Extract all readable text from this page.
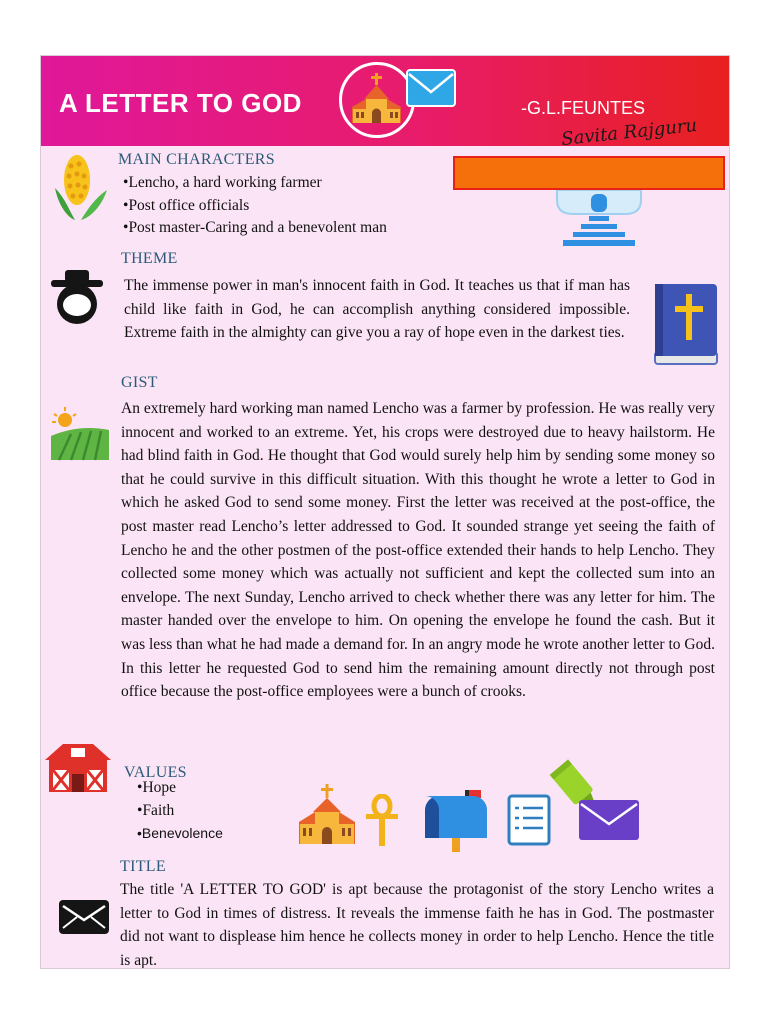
A LETTER TO GOD	-G.L.FEUNTES
Savita Rajguru
MAIN CHARACTERS
• Lencho, a hard working farmer
• Post office officials
• Post master-Caring and a benevolent man
THEME

The immense power in man's innocent faith in God. It teaches us that if man has child like faith in God, he can accomplish anything considered impossible. Extreme faith in the almighty can give you a ray of hope even in the darkest ties.

GIST

An extremely hard working man named Lencho was a farmer by profession. He was really very innocent and worked to an extreme. Yet, his crops were destroyed due to heavy hailstorm. He had blind faith in God. He thought that God would surely help him by sending some money so that he could survive in this difficult situation. With this thought he wrote a letter to God in which he asked God to send some money. First the letter was received at the post-office, the post master read Lencho’s letter addressed to God. It sounded strange yet seeing the faith of Lencho he and the other postmen of the post-office extended their hands to help Lencho. They collected some money which was actually not sufficient and kept the collected sum into an envelope. The next Sunday, Lencho arrived to check whether there was any letter for him. The master handed over the envelope to him. On opening the envelope he found the cash. But it was less than what he had made a demand for. In an angry mode he wrote another letter to God. In this letter he requested God to send him the remaining amount directly not through post office because the post-office employees were a bunch of crooks.

VALUES
• Hope
• Faith
• Benevolence
TITLE

The title 'A LETTER TO GOD' is apt because the protagonist of the story Lencho writes a letter to God in times of distress. It reveals the immense faith he has in God. The postmaster did not want to displease him hence he collects money in order to help Lencho. Hence the title is apt.
